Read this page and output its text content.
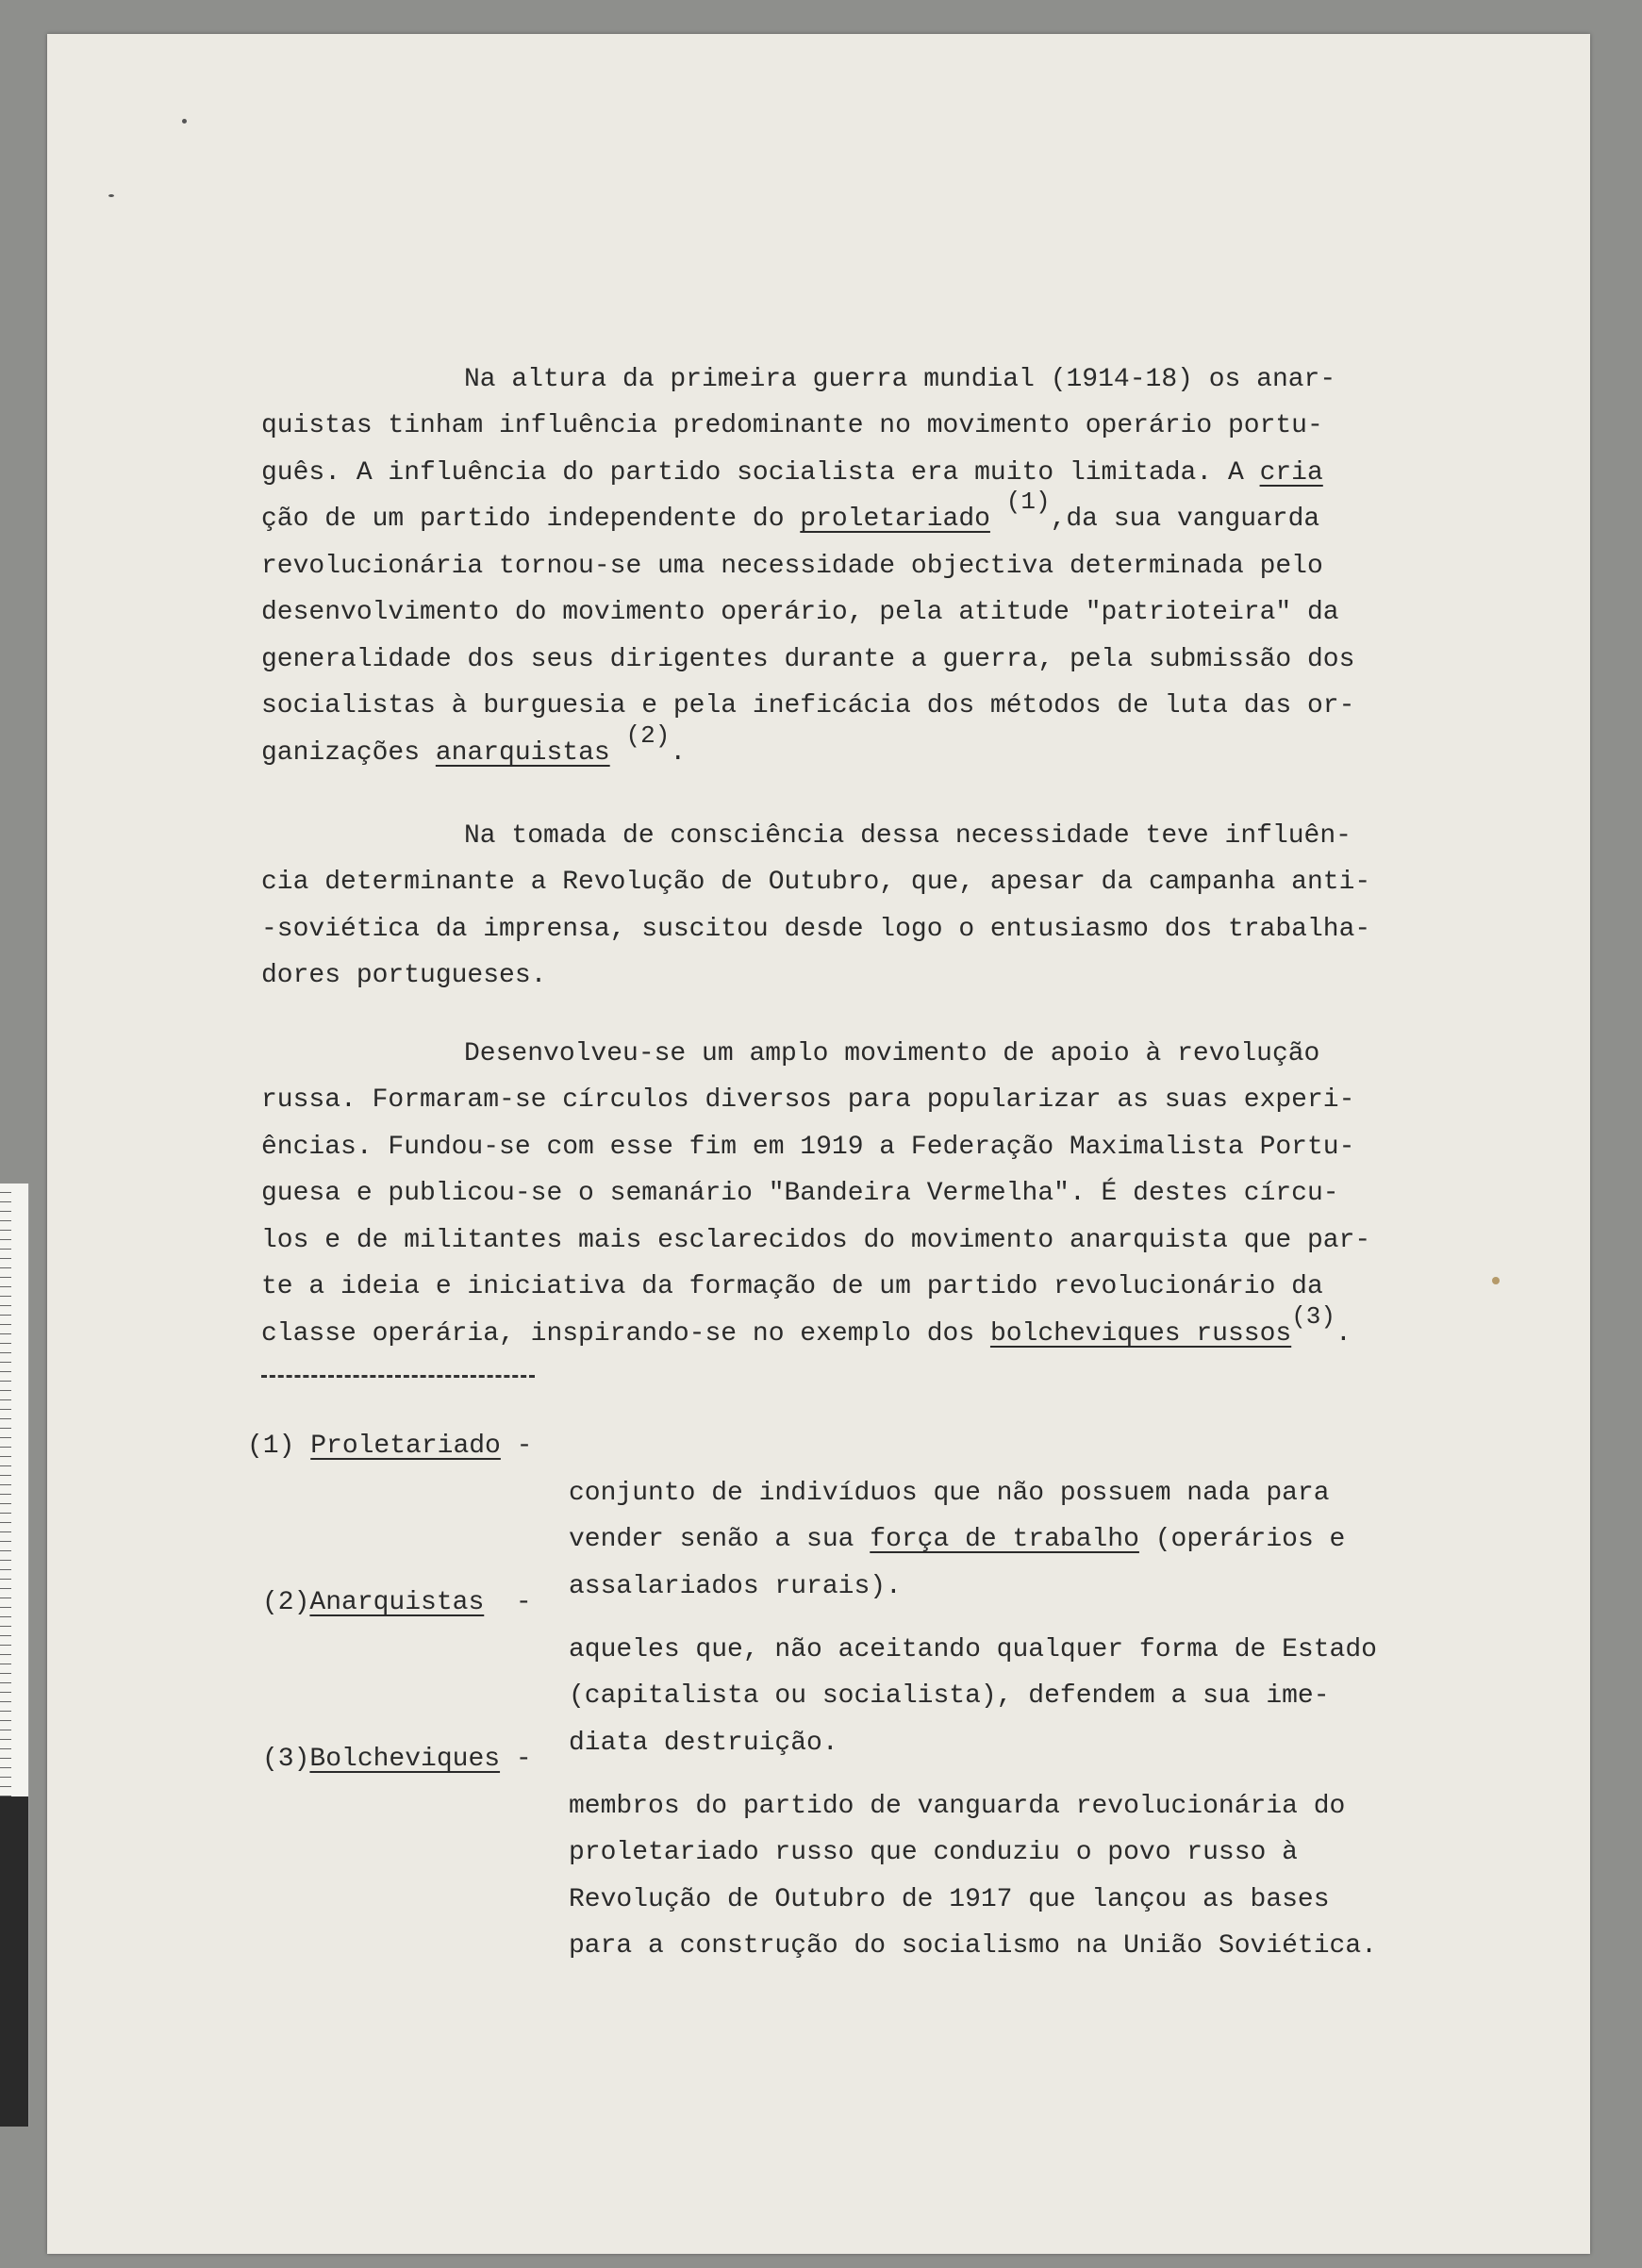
Na altura da primeira guerra mundial (1914-18) os anar-
quistas tinham influência predominante no movimento operário portu-
guês. A influência do partido socialista era muito limitada. A cria
ção de um partido independente do proletariado (1),da sua vanguarda
revolucionária tornou-se uma necessidade objectiva determinada pelo
desenvolvimento do movimento operário, pela atitude "patrioteira" da
generalidade dos seus dirigentes durante a guerra, pela submissão dos
socialistas à burguesia e pela ineficácia dos métodos de luta das or-
ganizações anarquistas (2).

Na tomada de consciência dessa necessidade teve influên-
cia determinante a Revolução de Outubro, que, apesar da campanha anti-
-soviética da imprensa, suscitou desde logo o entusiasmo dos trabalha-
dores portugueses.

Desenvolveu-se um amplo movimento de apoio à revolução
russa. Formaram-se círculos diversos para popularizar as suas experi-
ências. Fundou-se com esse fim em 1919 a Federação Maximalista Portu-
guesa e publicou-se o semanário "Bandeira Vermelha". É destes círcu-
los e de militantes mais esclarecidos do movimento anarquista que par-
te a ideia e iniciativa da formação de um partido revolucionário da
classe operária, inspirando-se no exemplo dos bolcheviques russos(3).

(1) Proletariado -

conjunto de indivíduos que não possuem nada para
vender senão a sua força de trabalho (operários e
assalariados rurais).

(2)Anarquistas  -

aqueles que, não aceitando qualquer forma de Estado
(capitalista ou socialista), defendem a sua ime-
diata destruição.

(3)Bolcheviques -

membros do partido de vanguarda revolucionária do
proletariado russo que conduziu o povo russo à
Revolução de Outubro de 1917 que lançou as bases
para a construção do socialismo na União Soviética.
